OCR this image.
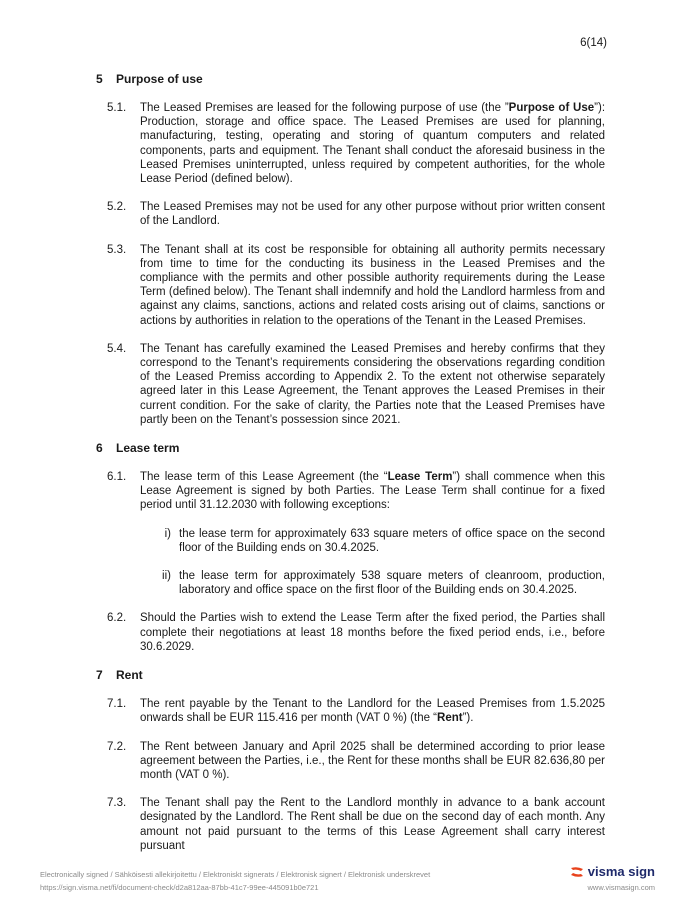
6(14)
5	Purpose of use
5.1.	The Leased Premises are leased for the following purpose of use (the ”Purpose of Use”): Production, storage and office space. The Leased Premises are used for planning, manufacturing, testing, operating and storing of quantum computers and related components, parts and equipment. The Tenant shall conduct the aforesaid business in the Leased Premises uninterrupted, unless required by competent authorities, for the whole Lease Period (defined below).
5.2.	The Leased Premises may not be used for any other purpose without prior written consent of the Landlord.
5.3.	The Tenant shall at its cost be responsible for obtaining all authority permits necessary from time to time for the conducting its business in the Leased Premises and the compliance with the permits and other possible authority requirements during the Lease Term (defined below). The Tenant shall indemnify and hold the Landlord harmless from and against any claims, sanctions, actions and related costs arising out of claims, sanctions or actions by authorities in relation to the operations of the Tenant in the Leased Premises.
5.4.	The Tenant has carefully examined the Leased Premises and hereby confirms that they correspond to the Tenant’s requirements considering the observations regarding condition of the Leased Premiss according to Appendix 2. To the extent not otherwise separately agreed later in this Lease Agreement, the Tenant approves the Leased Premises in their current condition. For the sake of clarity, the Parties note that the Leased Premises have partly been on the Tenant’s possession since 2021.
6	Lease term
6.1.	The lease term of this Lease Agreement (the “Lease Term”) shall commence when this Lease Agreement is signed by both Parties. The Lease Term shall continue for a fixed period until 31.12.2030 with following exceptions:
i) the lease term for approximately 633 square meters of office space on the second floor of the Building ends on 30.4.2025.
ii) the lease term for approximately 538 square meters of cleanroom, production, laboratory and office space on the first floor of the Building ends on 30.4.2025.
6.2.	Should the Parties wish to extend the Lease Term after the fixed period, the Parties shall complete their negotiations at least 18 months before the fixed period ends, i.e., before 30.6.2029.
7	Rent
7.1.	The rent payable by the Tenant to the Landlord for the Leased Premises from 1.5.2025 onwards shall be EUR 115.416 per month (VAT 0 %) (the “Rent”).
7.2.	The Rent between January and April 2025 shall be determined according to prior lease agreement between the Parties, i.e., the Rent for these months shall be EUR 82.636,80 per month (VAT 0 %).
7.3.	The Tenant shall pay the Rent to the Landlord monthly in advance to a bank account designated by the Landlord. The Rent shall be due on the second day of each month. Any amount not paid pursuant to the terms of this Lease Agreement shall carry interest pursuant
Electronically signed / Sähköisesti allekirjoitettu / Elektroniskt signerats / Elektronisk signert / Elektronisk underskrevet
https://sign.visma.net/fi/document-check/d2a812aa-87bb-41c7-99ee-445091b0e721
visma sign
www.vismasign.com
